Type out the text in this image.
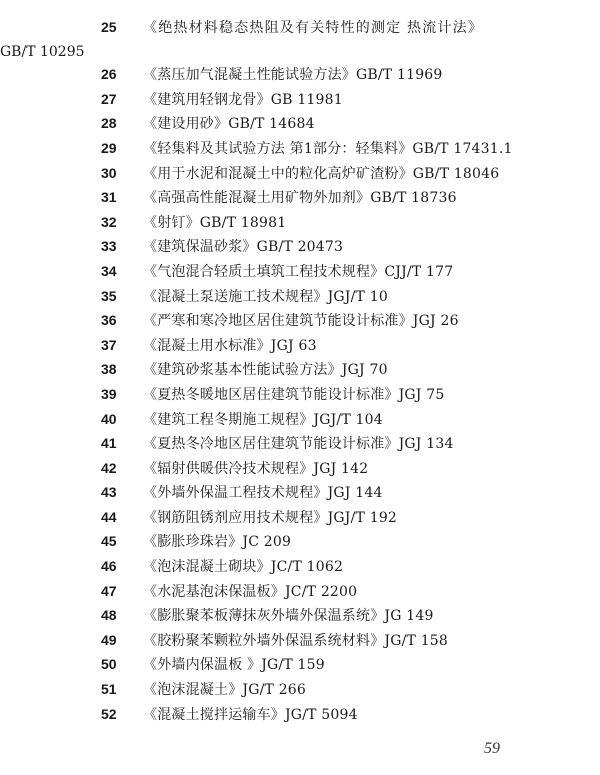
25 《绝热材料稳态热阻及有关特性的测定 热流计法》
GB/T 10295
26 《蒸压加气混凝土性能试验方法》GB/T 11969
27 《建筑用轻钢龙骨》GB 11981
28 《建设用砂》GB/T 14684
29 《轻集料及其试验方法 第1部分：轻集料》GB/T 17431.1
30 《用于水泥和混凝土中的粒化高炉矿渣粉》GB/T 18046
31 《高强高性能混凝土用矿物外加剂》GB/T 18736
32 《射钉》GB/T 18981
33 《建筑保温砂浆》GB/T 20473
34 《气泡混合轻质土填筑工程技术规程》CJJ/T 177
35 《混凝土泵送施工技术规程》JGJ/T 10
36 《严寒和寒冷地区居住建筑节能设计标准》JGJ 26
37 《混凝土用水标准》JGJ 63
38 《建筑砂浆基本性能试验方法》JGJ 70
39 《夏热冬暖地区居住建筑节能设计标准》JGJ 75
40 《建筑工程冬期施工规程》JGJ/T 104
41 《夏热冬冷地区居住建筑节能设计标准》JGJ 134
42 《辐射供暖供冷技术规程》JGJ 142
43 《外墙外保温工程技术规程》JGJ 144
44 《钢筋阻锈剂应用技术规程》JGJ/T 192
45 《膨胀珍珠岩》JC 209
46 《泡沫混凝土砌块》JC/T 1062
47 《水泥基泡沫保温板》JC/T 2200
48 《膨胀聚苯板薄抹灰外墙外保温系统》JG 149
49 《胶粉聚苯颗粒外墙外保温系统材料》JG/T 158
50 《外墙内保温板 》JG/T 159
51 《泡沫混凝土》JG/T 266
52 《混凝土搅拌运输车》JG/T 5094
59
